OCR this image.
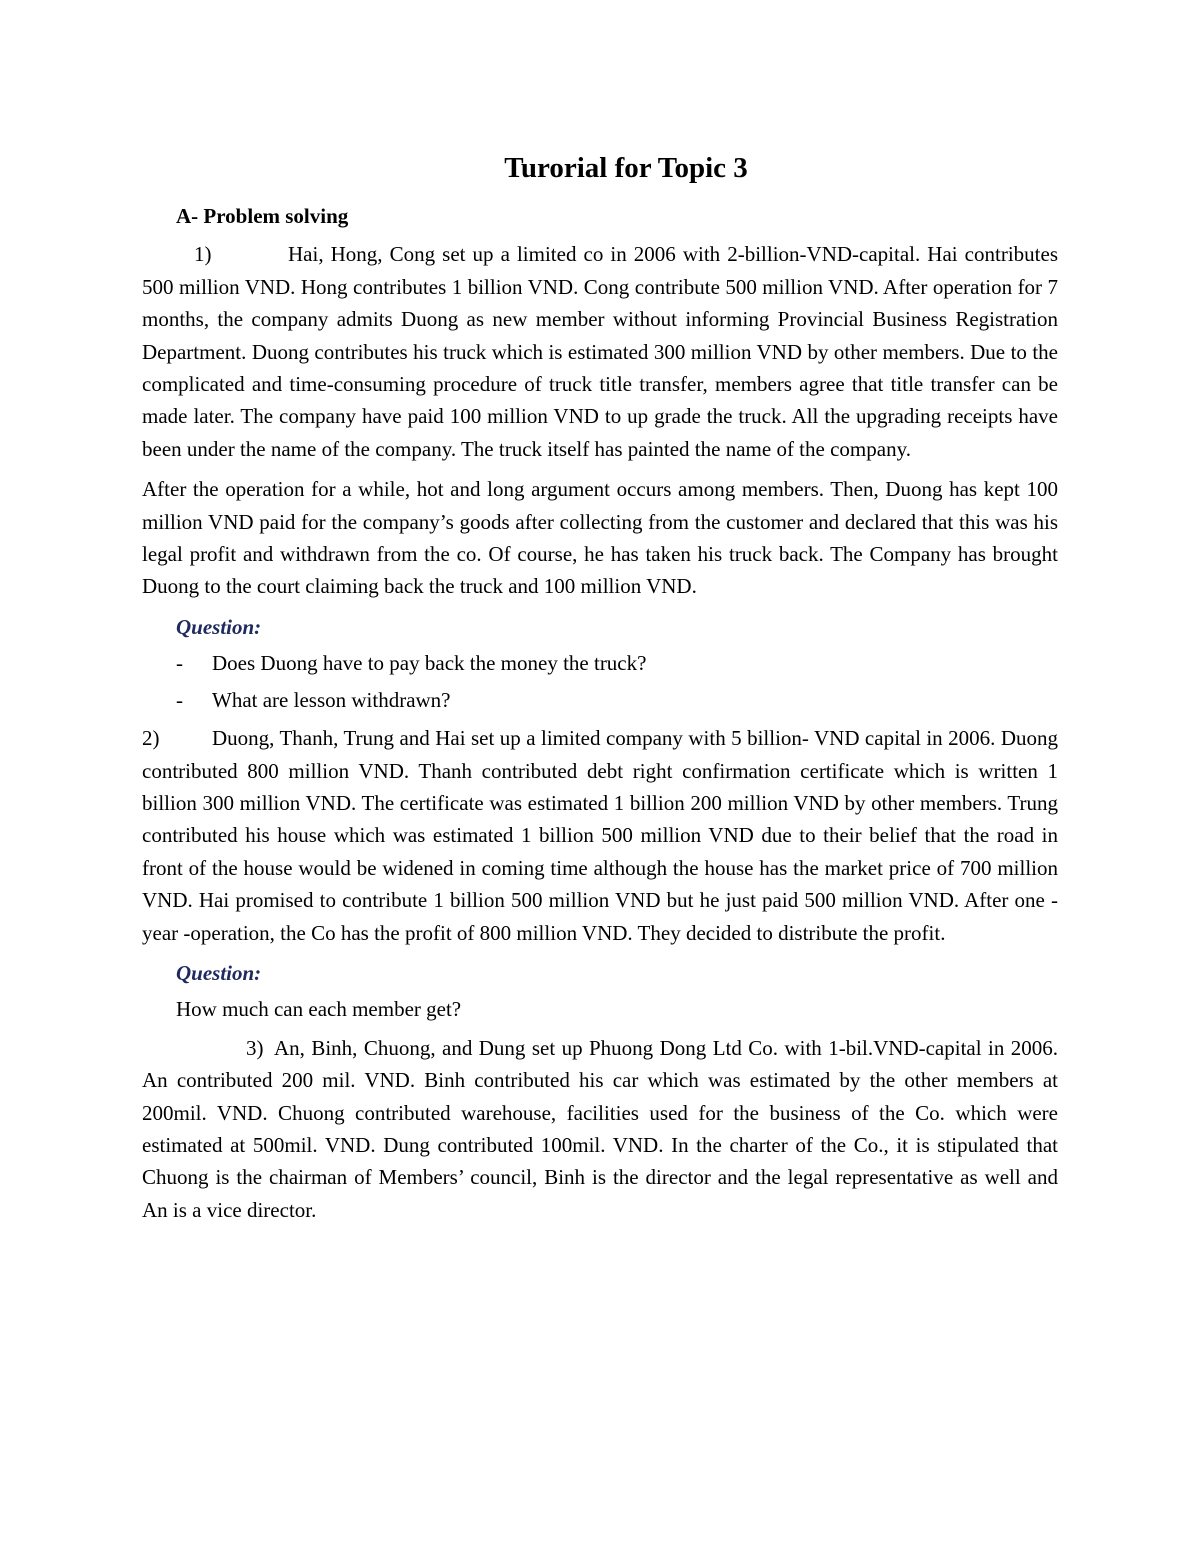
Turorial for Topic 3
A- Problem solving

1)	Hai, Hong, Cong set up a limited co in 2006 with 2-billion-VND-capital. Hai contributes 500 million VND. Hong contributes 1 billion VND. Cong contribute 500 million VND. After operation for 7 months, the company admits Duong as new member without informing Provincial Business Registration Department. Duong contributes his truck which is estimated 300 million VND by other members. Due to the complicated and time-consuming procedure of truck title transfer, members agree that title transfer can be made later. The company have paid 100 million VND to up grade the truck. All the upgrading receipts have been under the name of the company. The truck itself has painted the name of the company.

After the operation for a while, hot and long argument occurs among members. Then, Duong has kept 100 million VND paid for the company’s goods after collecting from the customer and declared that this was his legal profit and withdrawn from the co. Of course, he has taken his truck back. The Company has brought Duong to the court claiming back the truck and 100 million VND.

Question:
-	Does Duong have to pay back the money the truck?
-	What are lesson withdrawn?

2)	Duong, Thanh, Trung and Hai set up a limited company with 5 billion- VND capital in 2006. Duong contributed 800 million VND. Thanh contributed debt right confirmation certificate which is written 1 billion 300 million VND. The certificate was estimated 1 billion 200 million VND by other members. Trung contributed his house which was estimated 1 billion 500 million VND due to their belief that the road in front of the house would be widened in coming time although the house has the market price of 700 million VND. Hai promised to contribute 1 billion 500 million VND but he just paid 500 million VND. After one -year -operation, the Co has the profit of 800 million VND. They decided to distribute the profit.

Question:
How much can each member get?

3) An, Binh, Chuong, and Dung set up Phuong Dong Ltd Co. with 1-bil.VND-capital in 2006. An contributed 200 mil. VND. Binh contributed his car which was estimated by the other members at 200mil. VND. Chuong contributed warehouse, facilities used for the business of the Co. which were estimated at 500mil. VND. Dung contributed 100mil. VND. In the charter of the Co., it is stipulated that Chuong is the chairman of Members’ council, Binh is the director and the legal representative as well and An is a vice director.
